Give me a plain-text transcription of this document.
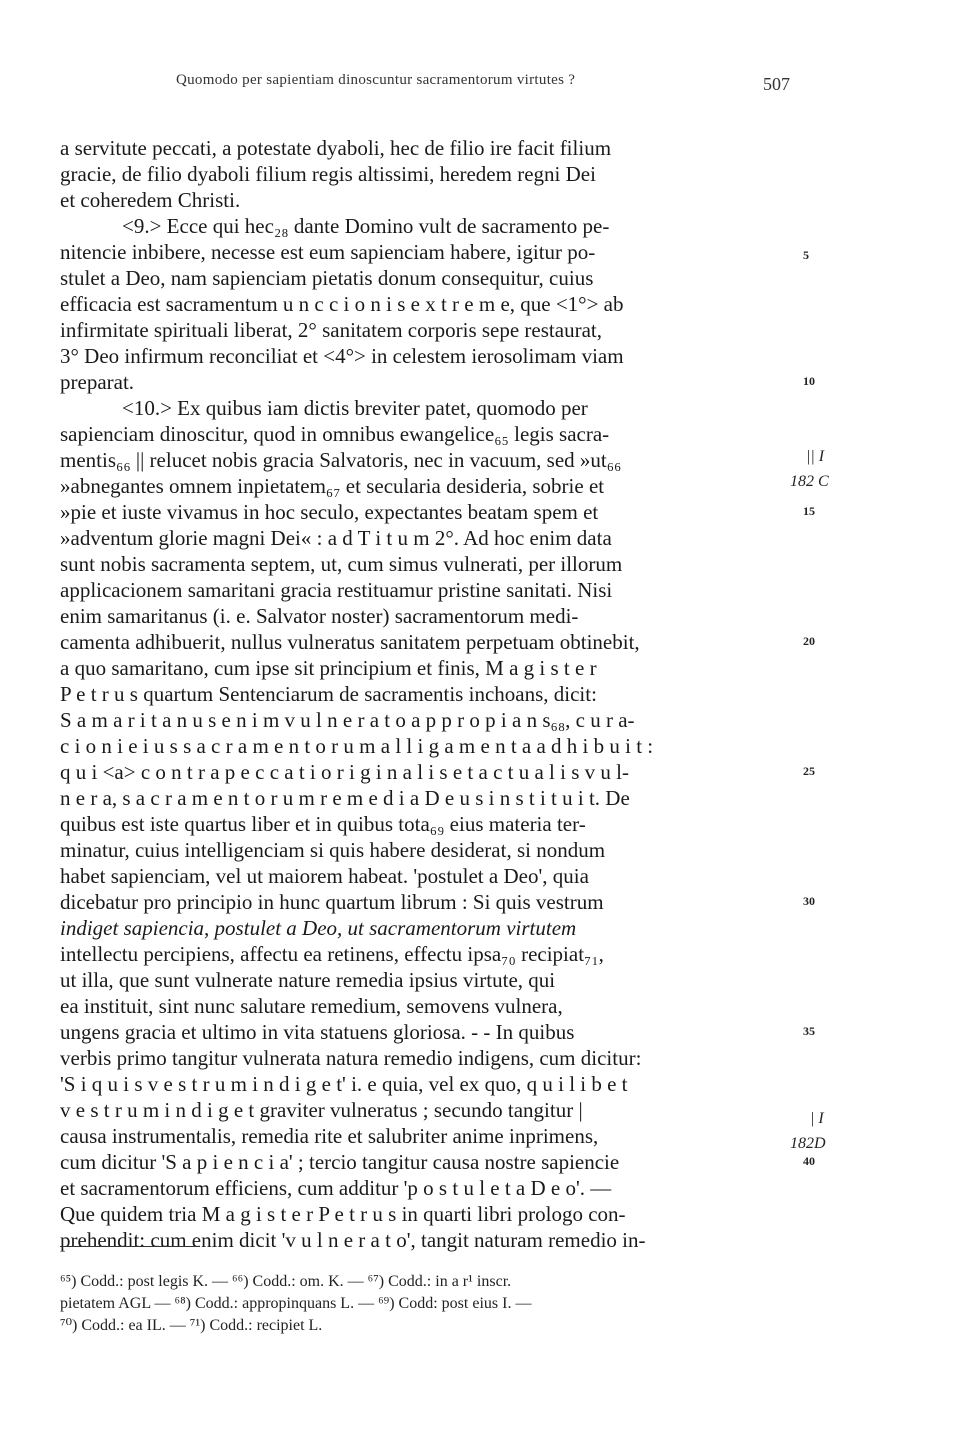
Quomodo per sapientiam dinoscuntur sacramentorum virtutes ?	507
a servitute peccati, a potestate dyaboli, hec de filio ire facit filium
gracie, de filio dyaboli filium regis altissimi, heredem regni Dei
et coheredem Christi.
<9.> Ecce qui hec₂₈ dante Domino vult de sacramento pe-
nitencie inbibere, necesse est eum sapienciam habere, igitur po-
stulet a Deo, nam sapienciam pietatis donum consequitur, cuius
efficacia est sacramentum u n c c i o n i s e x t r e m e, que <1°> ab
infirmitate spirituali liberat, 2° sanitatem corporis sepe restaurat,
3° Deo infirmum reconciliat et <4°> in celestem ierosolimam viam
preparat.
<10.> Ex quibus iam dictis breviter patet, quomodo per
sapienciam dinoscitur, quod in omnibus ewangelice₆₅ legis sacra-
mentis₆₆ || relucet nobis gracia Salvatoris, nec in vacuum, sed »ut₆₆
»abnegantes omnem inpietatem₆₇ et secularia desideria, sobrie et
»pie et iuste vivamus in hoc seculo, expectantes beatam spem et
»adventum glorie magni Dei« : a d T i t u m 2°. Ad hoc enim data
sunt nobis sacramenta septem, ut, cum simus vulnerati, per illorum
applicacionem samaritani gracia restituamur pristine sanitati. Nisi
enim samaritanus (i. e. Salvator noster) sacramentorum medi-
camenta adhibuerit, nullus vulneratus sanitatem perpetuam obtinebit,
a quo samaritano, cum ipse sit principium et finis, M a g i s t e r
P e t r u s quartum Sentenciarum de sacramentis inchoans, dicit:
S a m a r i t a n u s e n i m v u l n e r a t o a p p r o p i a n s₆₈, c u r a-
c i o n i e i u s s a c r a m e n t o r u m a l l i g a m e n t a a d h i b u i t :
q u i <a> c o n t r a p e c c a t i o r i g i n a l i s e t a c t u a l i s v u l-
n e r a, s a c r a m e n t o r u m r e m e d i a D e u s i n s t i t u i t. De
quibus est iste quartus liber et in quibus tota₆₉ eius materia ter-
minatur, cuius intelligenciam si quis habere desiderat, si nondum
habet sapienciam, vel ut maiorem habeat. 'postulet a Deo', quia
dicebatur pro principio in hunc quartum librum : Si quis vestrum
indiget sapiencia, postulet a Deo, ut sacramentorum virtutem
intellectu percipiens, affectu ea retinens, effectu ipsa₇₀ recipiat₇₁,
ut illa, que sunt vulnerate nature remedia ipsius virtute, qui
ea instituit, sint nunc salutare remedium, semovens vulnera,
ungens gracia et ultimo in vita statuens gloriosa. - - In quibus
verbis primo tangitur vulnerata natura remedio indigens, cum dicitur:
'S i q u i s v e s t r u m i n d i g e t' i. e quia, vel ex quo, q u i l i b e t
v e s t r u m i n d i g e t graviter vulneratus ; secundo tangitur |
causa instrumentalis, remedia rite et salubriter anime inprimens,
cum dicitur 'S a p i e n c i a' ; tercio tangitur causa nostre sapiencie
et sacramentorum efficiens, cum additur 'p o s t u l e t a D e o'. —
Que quidem tria M a g i s t e r P e t r u s in quarti libri prologo con-
prehendit: cum enim dicit 'v u l n e r a t o', tangit naturam remedio in-
5
10
15
20
25
30
35
40
|| I
182 C
| I
182D
⁶⁵) Codd.: post legis K. — ⁶⁶) Codd.: om. K. — ⁶⁷) Codd.: in a r¹ inscr.
pietatem AGL — ⁶⁸) Codd.: appropinquans L. — ⁶⁹) Codd: post eius I. —
⁷⁰) Codd.: ea IL. — ⁷¹) Codd.: recipiet L.
